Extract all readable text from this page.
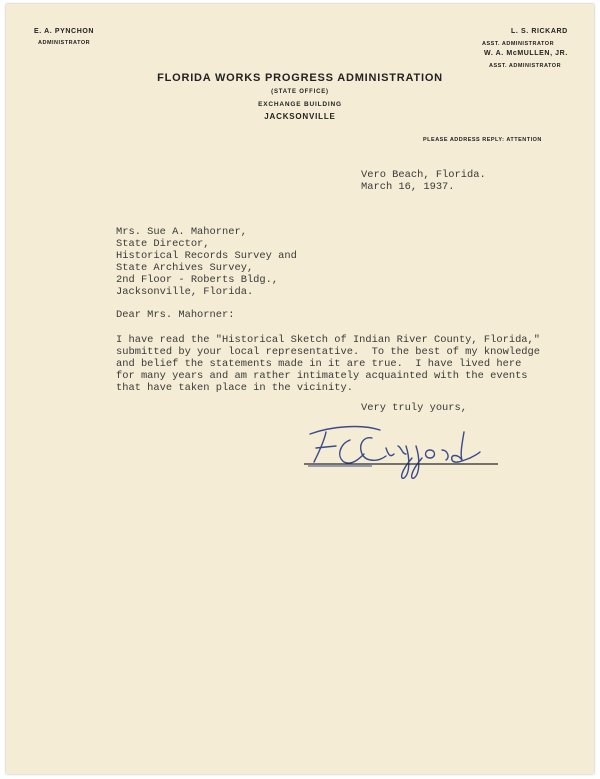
E. A. PYNCHON
ADMINISTRATOR
L. S. RICKARD
ASST. ADMINISTRATOR
W. A. McMULLEN, JR.
ASST. ADMINISTRATOR
FLORIDA WORKS PROGRESS ADMINISTRATION
(STATE OFFICE)
EXCHANGE BUILDING
JACKSONVILLE
PLEASE ADDRESS REPLY: ATTENTION
Vero Beach, Florida.
March 16, 1937.
Mrs. Sue A. Mahorner,
State Director,
Historical Records Survey and
State Archives Survey,
2nd Floor - Roberts Bldg.,
Jacksonville, Florida.
Dear Mrs. Mahorner:
I have read the "Historical Sketch of Indian River County, Florida,"
submitted by your local representative.  To the best of my knowledge
and belief the statements made in it are true.  I have lived here
for many years and am rather intimately acquainted with the events
that have taken place in the vicinity.
Very truly yours,
